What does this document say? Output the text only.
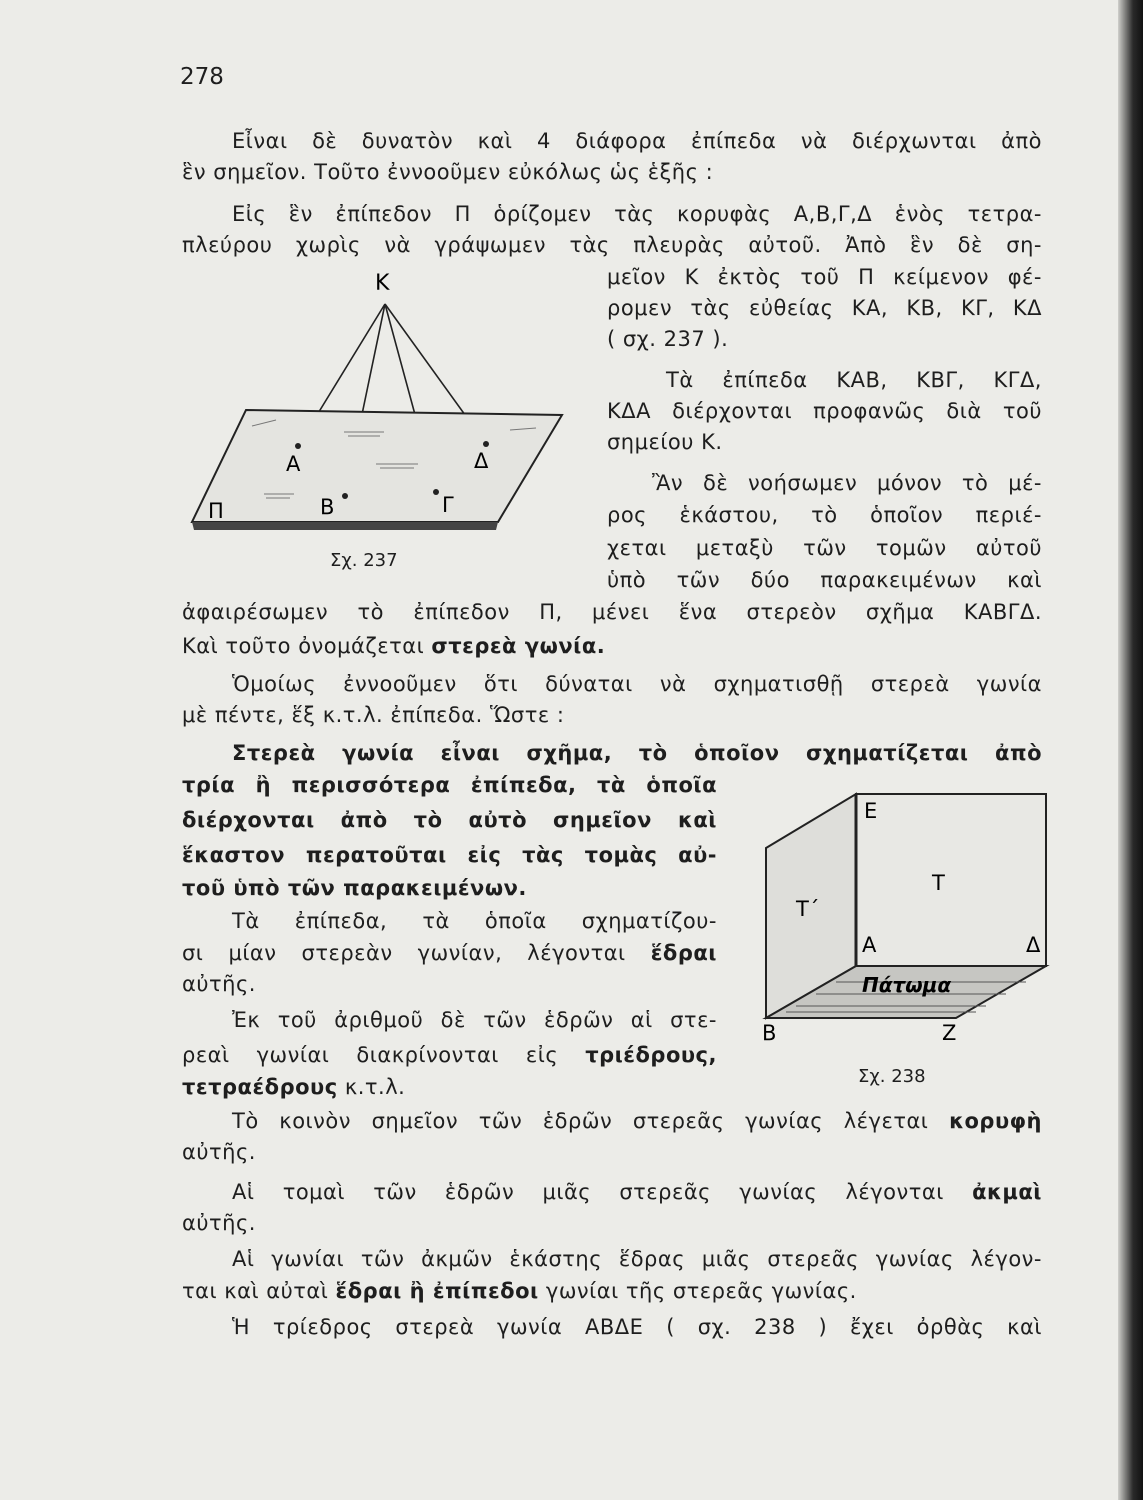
278

Εἶναι δὲ δυνατὸν καὶ 4 διάφορα ἐπίπεδα νὰ διέρχωνται ἀπὸ

ἓν σημεῖον. Τοῦτο ἐννοοῦμεν εὐκόλως ὡς ἑξῆς :

Εἰς ἓν ἐπίπεδον Π ὁρίζομεν τὰς κορυφὰς Α,Β,Γ,Δ ἑνὸς τετρα-

πλεύρου χωρὶς νὰ γράψωμεν τὰς πλευρὰς αὐτοῦ. Ἀπὸ ἓν δὲ ση-

μεῖον Κ ἐκτὸς τοῦ Π κείμενον φέ-

ρομεν τὰς εὐθείας ΚΑ, ΚΒ, ΚΓ, ΚΔ

( σχ. 237 ).

Τὰ ἐπίπεδα ΚΑΒ, ΚΒΓ, ΚΓΔ,

ΚΔΑ διέρχονται προφανῶς διὰ τοῦ

σημείου Κ.

Ἂν δὲ νοήσωμεν μόνον τὸ μέ-

ρος ἑκάστου, τὸ ὁποῖον περιέ-

χεται μεταξὺ τῶν τομῶν αὐτοῦ

ὑπὸ τῶν δύο παρακειμένων καὶ

ἀφαιρέσωμεν τὸ ἐπίπεδον Π, μένει ἕνα στερεὸν σχῆμα ΚΑΒΓΔ.

Καὶ τοῦτο ὀνομάζεται στερεὰ γωνία.

Ὁμοίως ἐννοοῦμεν ὅτι δύναται νὰ σχηματισθῇ στερεὰ γωνία

μὲ πέντε, ἕξ κ.τ.λ. ἐπίπεδα. Ὥστε :

Στερεὰ γωνία εἶναι σχῆμα, τὸ ὁποῖον σχηματίζεται ἀπὸ

τρία ἢ περισσότερα ἐπίπεδα, τὰ ὁποῖα

διέρχονται ἀπὸ τὸ αὐτὸ σημεῖον καὶ

ἕκαστον περατοῦται εἰς τὰς τομὰς αὐ-

τοῦ ὑπὸ τῶν παρακειμένων.

Τὰ ἐπίπεδα, τὰ ὁποῖα σχηματίζου-

σι μίαν στερεὰν γωνίαν, λέγονται ἕδραι

αὐτῆς.

Ἐκ τοῦ ἀριθμοῦ δὲ τῶν ἑδρῶν αἱ στε-

ρεαὶ γωνίαι διακρίνονται εἰς τριέδρους,

τετραέδρους κ.τ.λ.

Τὸ κοινὸν σημεῖον τῶν ἑδρῶν στερεᾶς γωνίας λέγεται κορυφὴ

αὐτῆς.

Αἱ τομαὶ τῶν ἑδρῶν μιᾶς στερεᾶς γωνίας λέγονται ἀκμαὶ

αὐτῆς.

Αἱ γωνίαι τῶν ἀκμῶν ἑκάστης ἕδρας μιᾶς στερεᾶς γωνίας λέγον-

ται καὶ αὐταὶ ἕδραι ἢ ἐπίπεδοι γωνίαι τῆς στερεᾶς γωνίας.

Ἡ τρίεδρος στερεὰ γωνία ΑΒΔΕ ( σχ. 238 ) ἔχει ὀρθὰς καὶ

Κ
Α
Β	Γ
Δ
Π
Σχ. 237
Ε
Τ
Τ΄
Α	Δ
Πάτωμα
Β	Ζ
Σχ. 238
